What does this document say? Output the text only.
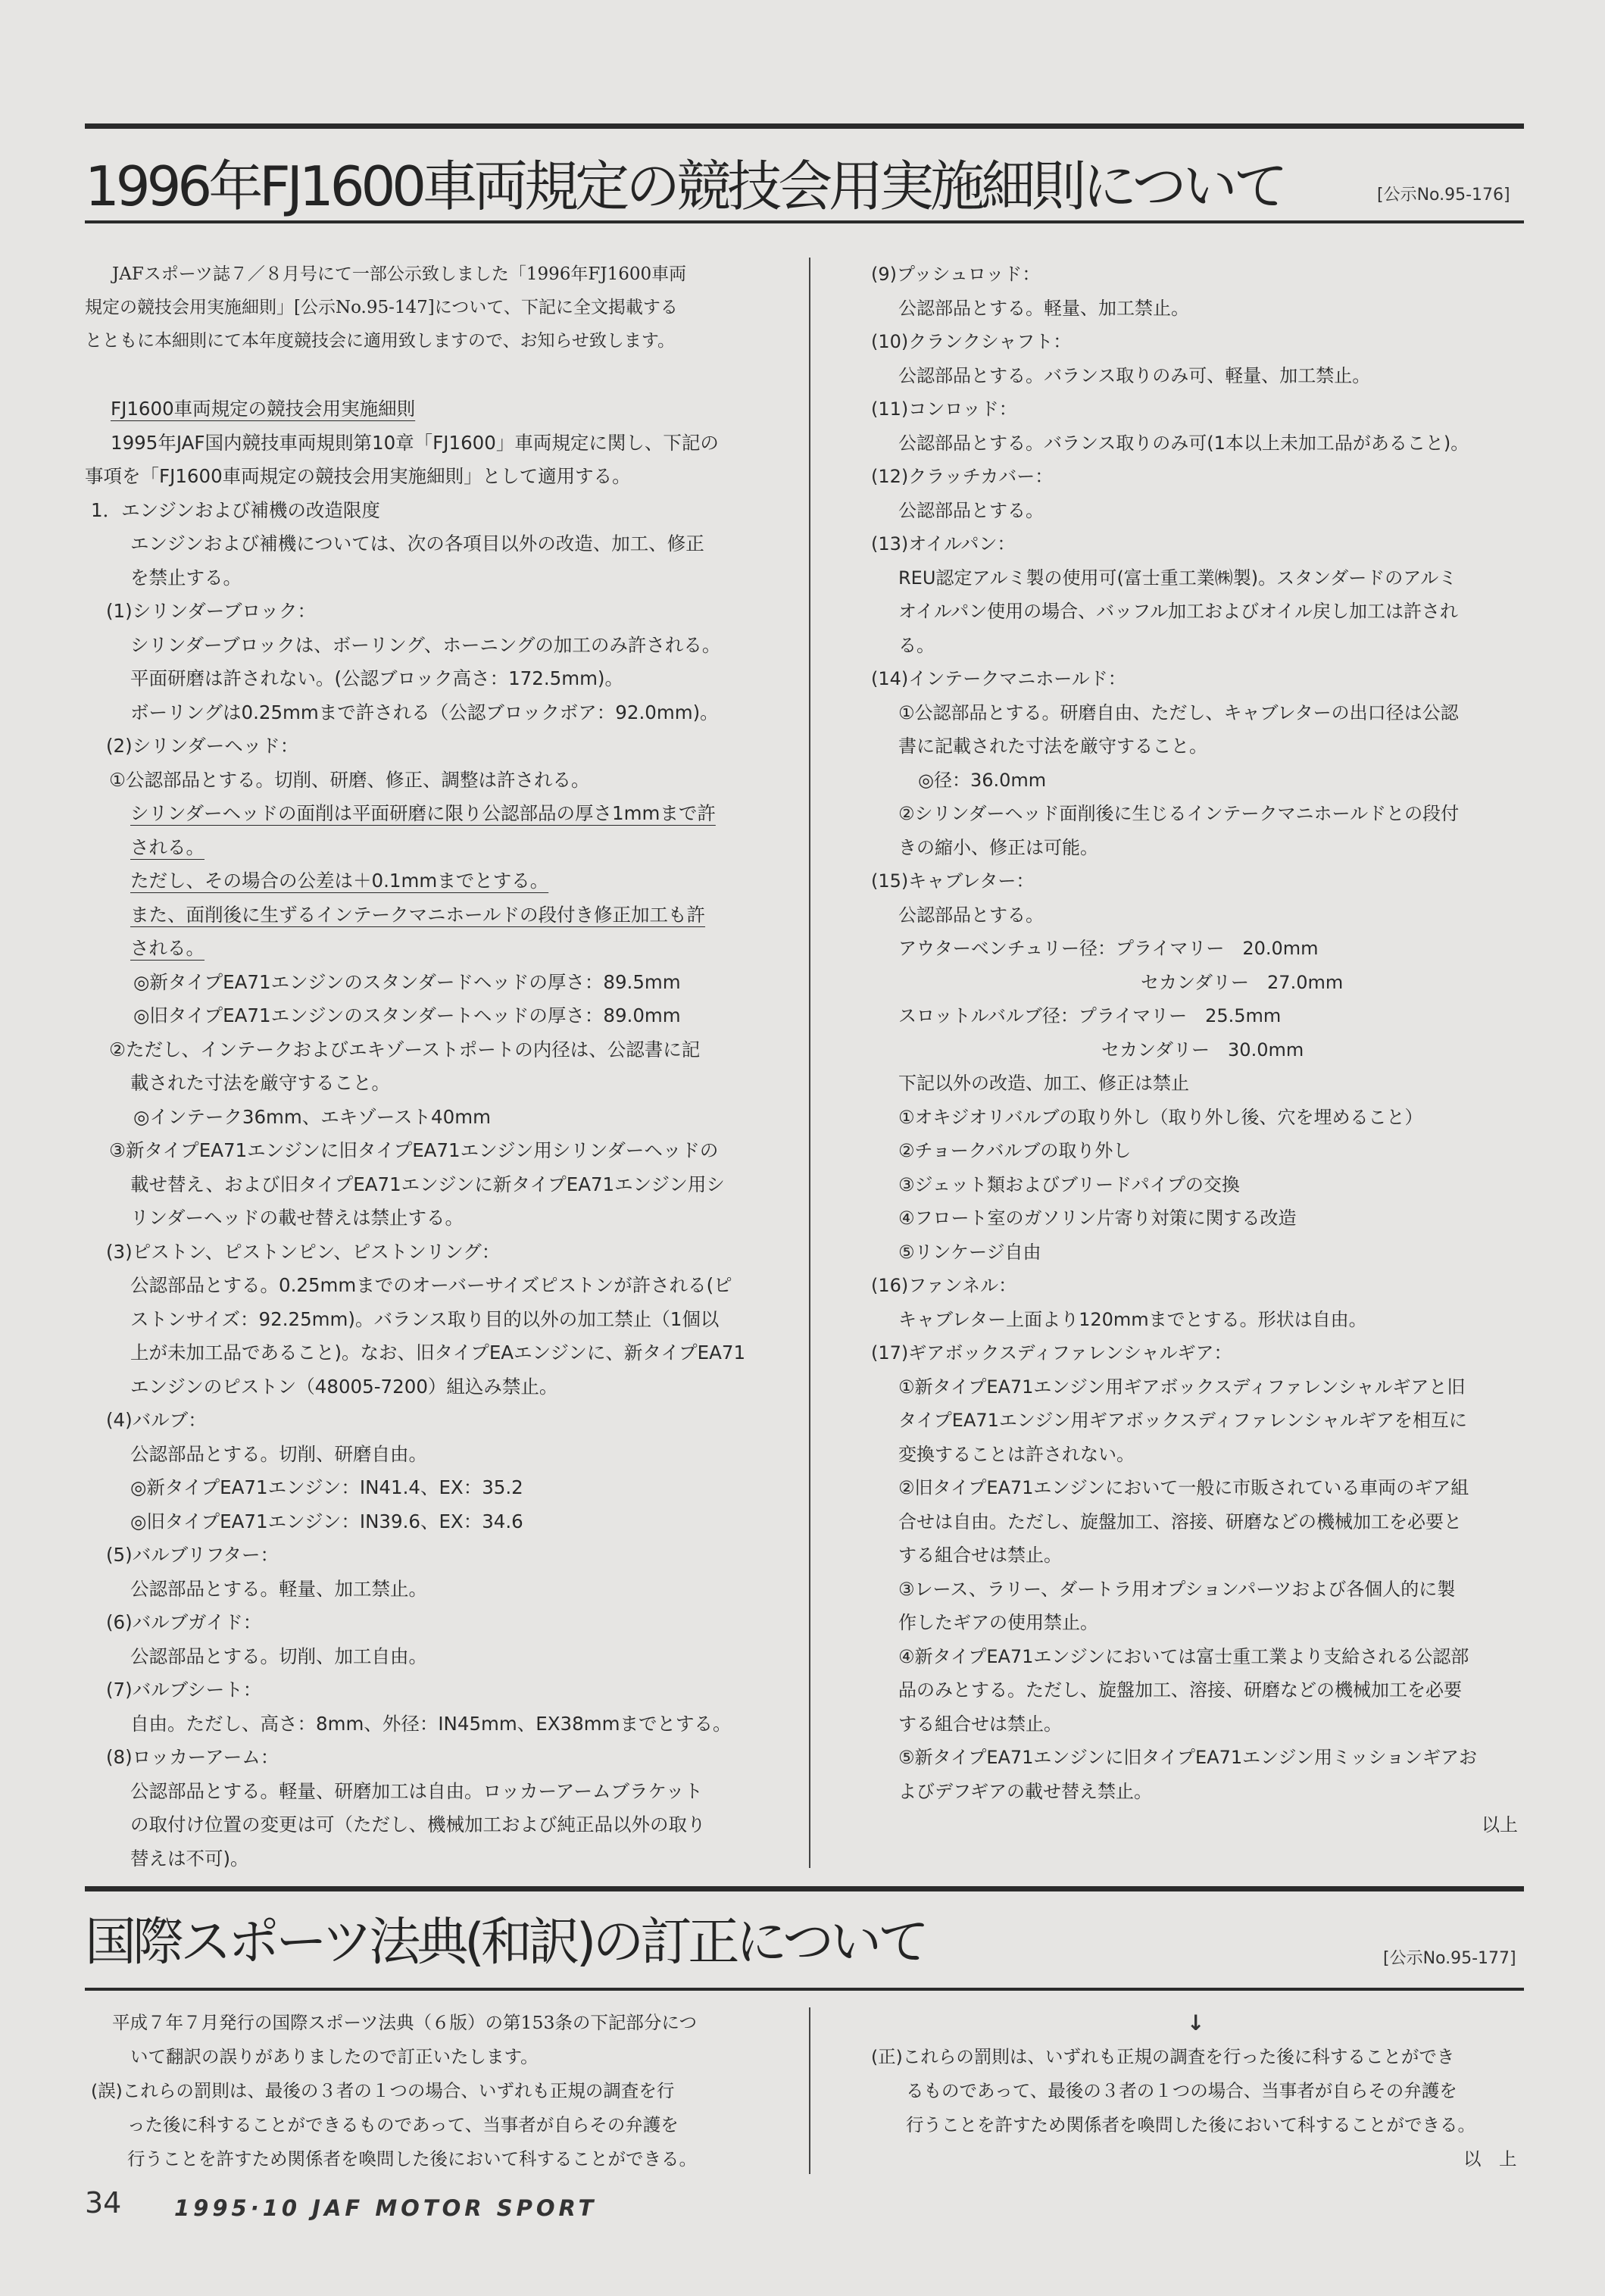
1996年FJ1600車両規定の競技会用実施細則について	[公示No.95-176]
JAFスポーツ誌７／８月号にて一部公示致しました「1996年FJ1600車両
規定の競技会用実施細則」[公示No.95-147]について、下記に全文掲載する
とともに本細則にて本年度競技会に適用致しますので、お知らせ致します。
FJ1600車両規定の競技会用実施細則
1995年JAF国内競技車両規則第10章「FJ1600」車両規定に関し、下記の
事項を「FJ1600車両規定の競技会用実施細則」として適用する。
1．エンジンおよび補機の改造限度
エンジンおよび補機については、次の各項目以外の改造、加工、修正
を禁止する。
(1)シリンダーブロック：
シリンダーブロックは、ボーリング、ホーニングの加工のみ許される。
平面研磨は許されない。(公認ブロック高さ：172.5mm)。
ボーリングは0.25mmまで許される（公認ブロックボア：92.0mm)。
(2)シリンダーヘッド：
①公認部品とする。切削、研磨、修正、調整は許される。
シリンダーヘッドの面削は平面研磨に限り公認部品の厚さ1mmまで許
される。
ただし、その場合の公差は＋0.1mmまでとする。
また、面削後に生ずるインテークマニホールドの段付き修正加工も許
される。
◎新タイプEA71エンジンのスタンダードヘッドの厚さ：89.5mm
◎旧タイプEA71エンジンのスタンダートヘッドの厚さ：89.0mm
②ただし、インテークおよびエキゾーストポートの内径は、公認書に記
載された寸法を厳守すること。
◎インテーク36mm、エキゾースト40mm
③新タイプEA71エンジンに旧タイプEA71エンジン用シリンダーヘッドの
載せ替え、および旧タイプEA71エンジンに新タイプEA71エンジン用シ
リンダーヘッドの載せ替えは禁止する。
(3)ピストン、ピストンピン、ピストンリング：
公認部品とする。0.25mmまでのオーバーサイズピストンが許される(ピ
ストンサイズ：92.25mm)。バランス取り目的以外の加工禁止（1個以
上が未加工品であること)。なお、旧タイプEAエンジンに、新タイプEA71
エンジンのピストン（48005-7200）組込み禁止。
(4)バルブ：
公認部品とする。切削、研磨自由。
◎新タイプEA71エンジン：IN41.4、EX：35.2
◎旧タイプEA71エンジン：IN39.6、EX：34.6
(5)バルブリフター：
公認部品とする。軽量、加工禁止。
(6)バルブガイド：
公認部品とする。切削、加工自由。
(7)バルブシート：
自由。ただし、高さ：8mm、外径：IN45mm、EX38mmまでとする。
(8)ロッカーアーム：
公認部品とする。軽量、研磨加工は自由。ロッカーアームブラケット
の取付け位置の変更は可（ただし、機械加工および純正品以外の取り
替えは不可)。
(9)プッシュロッド：
公認部品とする。軽量、加工禁止。
(10)クランクシャフト：
公認部品とする。バランス取りのみ可、軽量、加工禁止。
(11)コンロッド：
公認部品とする。バランス取りのみ可(1本以上未加工品があること)。
(12)クラッチカバー：
公認部品とする。
(13)オイルパン：
REU認定アルミ製の使用可(富士重工業㈱製)。スタンダードのアルミ
オイルパン使用の場合、バッフル加工およびオイル戻し加工は許され
る。
(14)インテークマニホールド：
①公認部品とする。研磨自由、ただし、キャブレターの出口径は公認
書に記載された寸法を厳守すること。
◎径：36.0mm
②シリンダーヘッド面削後に生じるインテークマニホールドとの段付
きの縮小、修正は可能。
(15)キャブレター：
公認部品とする。
アウターベンチュリー径：プライマリー　20.0mm
セカンダリー　27.0mm
スロットルバルブ径：プライマリー　25.5mm
セカンダリー　30.0mm
下記以外の改造、加工、修正は禁止
①オキジオリバルブの取り外し（取り外し後、穴を埋めること）
②チョークバルブの取り外し
③ジェット類およびブリードパイプの交換
④フロート室のガソリン片寄り対策に関する改造
⑤リンケージ自由
(16)ファンネル：
キャブレター上面より120mmまでとする。形状は自由。
(17)ギアボックスディファレンシャルギア：
①新タイプEA71エンジン用ギアボックスディファレンシャルギアと旧
タイプEA71エンジン用ギアボックスディファレンシャルギアを相互に
変換することは許されない。
②旧タイプEA71エンジンにおいて一般に市販されている車両のギア組
合せは自由。ただし、旋盤加工、溶接、研磨などの機械加工を必要と
する組合せは禁止。
③レース、ラリー、ダートラ用オプションパーツおよび各個人的に製
作したギアの使用禁止。
④新タイプEA71エンジンにおいては富士重工業より支給される公認部
品のみとする。ただし、旋盤加工、溶接、研磨などの機械加工を必要
する組合せは禁止。
⑤新タイプEA71エンジンに旧タイプEA71エンジン用ミッションギアお
よびデフギアの載せ替え禁止。
以上
国際スポーツ法典(和訳)の訂正について	[公示No.95-177]
平成７年７月発行の国際スポーツ法典（６版）の第153条の下記部分につ
いて翻訳の誤りがありましたので訂正いたします。
(誤)これらの罰則は、最後の３者の１つの場合、いずれも正規の調査を行
った後に科することができるものであって、当事者が自らその弁護を
行うことを許すため関係者を喚問した後において科することができる。
↓
(正)これらの罰則は、いずれも正規の調査を行った後に科することができ
るものであって、最後の３者の１つの場合、当事者が自らその弁護を
行うことを許すため関係者を喚問した後において科することができる。
以　上
34 1995·10 JAF MOTOR SPORT
